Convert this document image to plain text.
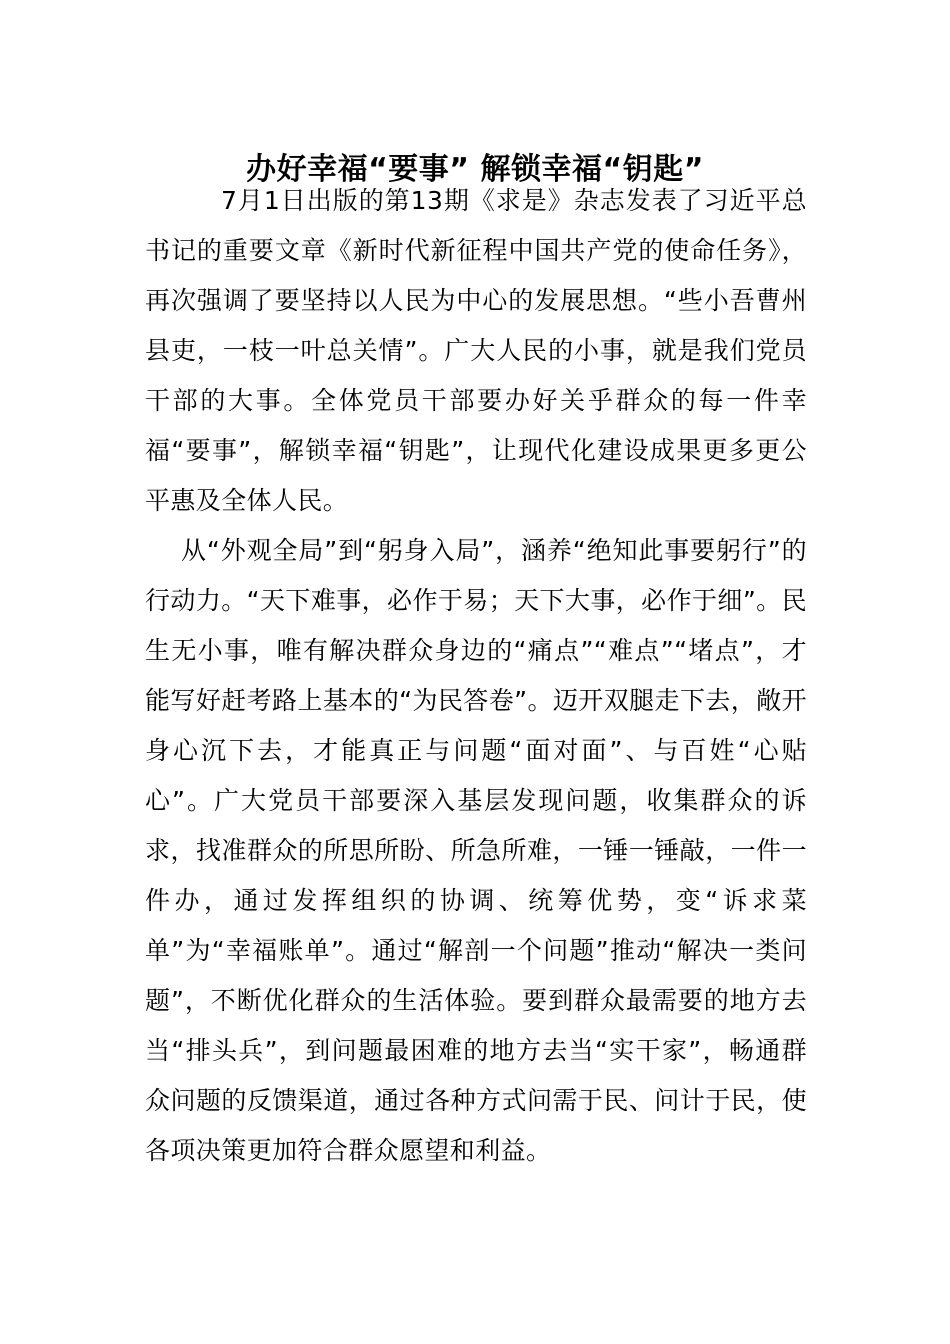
办好幸福“要事” 解锁幸福“钥匙”

7月1日出版的第13期《求是》杂志发表了习近平总书记的重要文章《新时代新征程中国共产党的使命任务》，再次强调了要坚持以人民为中心的发展思想。“些小吾曹州县吏，一枝一叶总关情”。广大人民的小事，就是我们党员干部的大事。全体党员干部要办好关乎群众的每一件幸福“要事”，解锁幸福“钥匙”，让现代化建设成果更多更公平惠及全体人民。

从“外观全局”到“躬身入局”，涵养“绝知此事要躬行”的行动力。“天下难事，必作于易；天下大事，必作于细”。民生无小事，唯有解决群众身边的“痛点”“难点”“堵点”，才能写好赶考路上基本的“为民答卷”。迈开双腿走下去，敞开身心沉下去，才能真正与问题“面对面”、与百姓“心贴心”。广大党员干部要深入基层发现问题，收集群众的诉求，找准群众的所思所盼、所急所难，一锤一锤敲，一件一件办，通过发挥组织的协调、统筹优势，变“诉求菜单”为“幸福账单”。通过“解剖一个问题”推动“解决一类问题”，不断优化群众的生活体验。要到群众最需要的地方去当“排头兵”，到问题最困难的地方去当“实干家”，畅通群众问题的反馈渠道，通过各种方式问需于民、问计于民，使各项决策更加符合群众愿望和利益。
